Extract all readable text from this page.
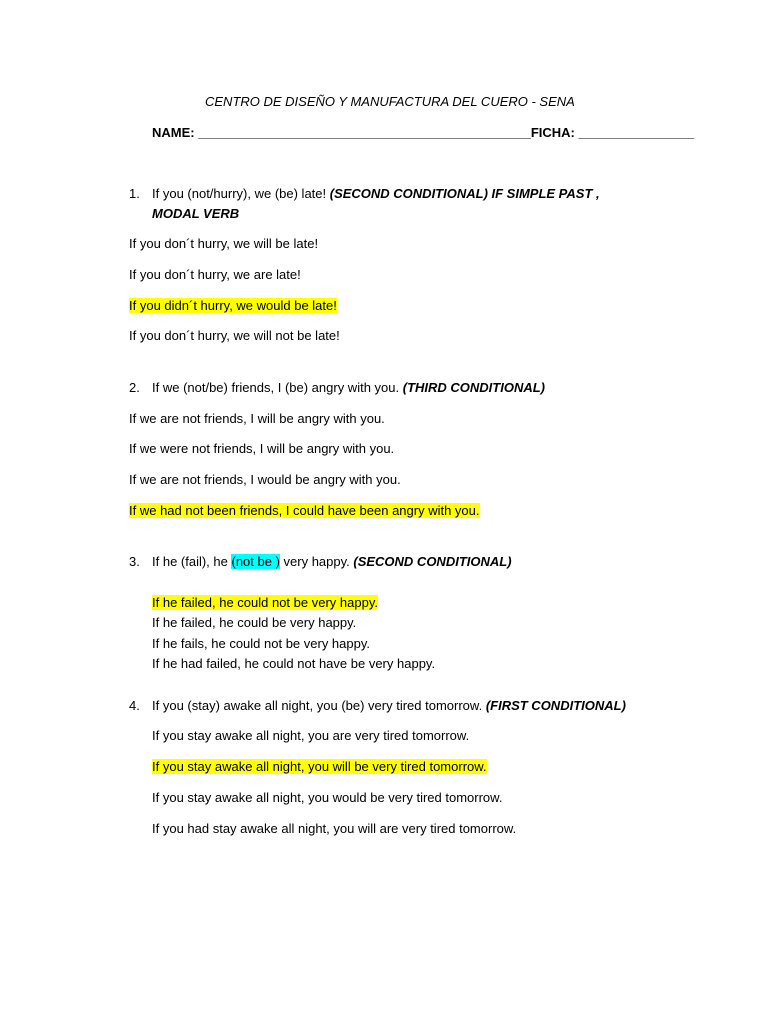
CENTRO DE DISEÑO Y MANUFACTURA DEL CUERO - SENA
NAME: ______________________________________________FICHA: ________________
1. If you (not/hurry), we (be) late! (SECOND CONDITIONAL) IF SIMPLE PAST ,
MODAL VERB
If you don´t hurry, we will be late!
If you don´t hurry, we are late!
If you didn´t hurry, we would be late!
If you don´t hurry, we will not be late!
2. If we (not/be) friends, I (be) angry with you. (THIRD CONDITIONAL)
If we are not friends, I will be angry with you.
If we were not friends, I will be angry with you.
If we are not friends, I would be angry with you.
If we had not been friends, I could have been angry with you.
3. If he (fail), he (not be ) very happy. (SECOND CONDITIONAL)
If he failed, he could not be very happy.
If he failed, he could be very happy.
If he fails, he could not be very happy.
If he had failed, he could not have be very happy.
4. If you (stay) awake all night, you (be) very tired tomorrow. (FIRST CONDITIONAL)
If you stay awake all night, you are very tired tomorrow.
If you stay awake all night, you will be very tired tomorrow.
If you stay awake all night, you would be very tired tomorrow.
If you had stay awake all night, you will are very tired tomorrow.
